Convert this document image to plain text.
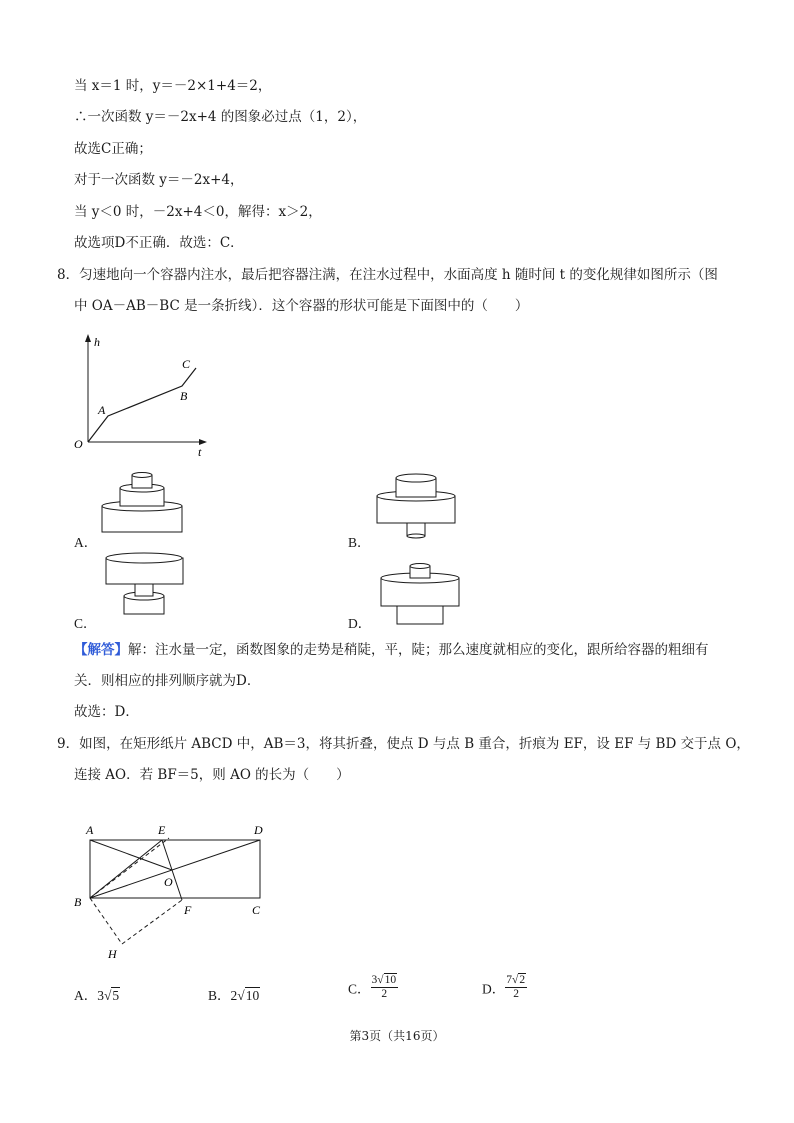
当 x＝1 时，y＝－2×1+4＝2，
∴一次函数 y＝－2x+4 的图象必过点（1，2），
故选C正确；
对于一次函数 y＝－2x+4，
当 y＜0 时，－2x+4＜0，解得：x＞2，
故选项D不正确．故选：C．
8．匀速地向一个容器内注水，最后把容器注满，在注水过程中，水面高度 h 随时间 t 的变化规律如图所示（图
中 OA－AB－BC 是一条折线）．这个容器的形状可能是下面图中的（　　）
h
t
O
A
B
C
A．	B．
C．	D．
【解答】解：注水量一定，函数图象的走势是稍陡，平，陡；那么速度就相应的变化，跟所给容器的粗细有
关．则相应的排列顺序就为D．
故选：D．
9．如图，在矩形纸片 ABCD 中，AB＝3，将其折叠，使点 D 与点 B 重合，折痕为 EF，设 EF 与 BD 交于点 O，
连接 AO．若 BF＝5，则 AO 的长为（　　）
A	E	D
O
B
F	C
H
A．3√5	B．2√10	C． $\frac{3√10}{2}$	D． $\frac{7√2}{2}$
第3页（共16页）
